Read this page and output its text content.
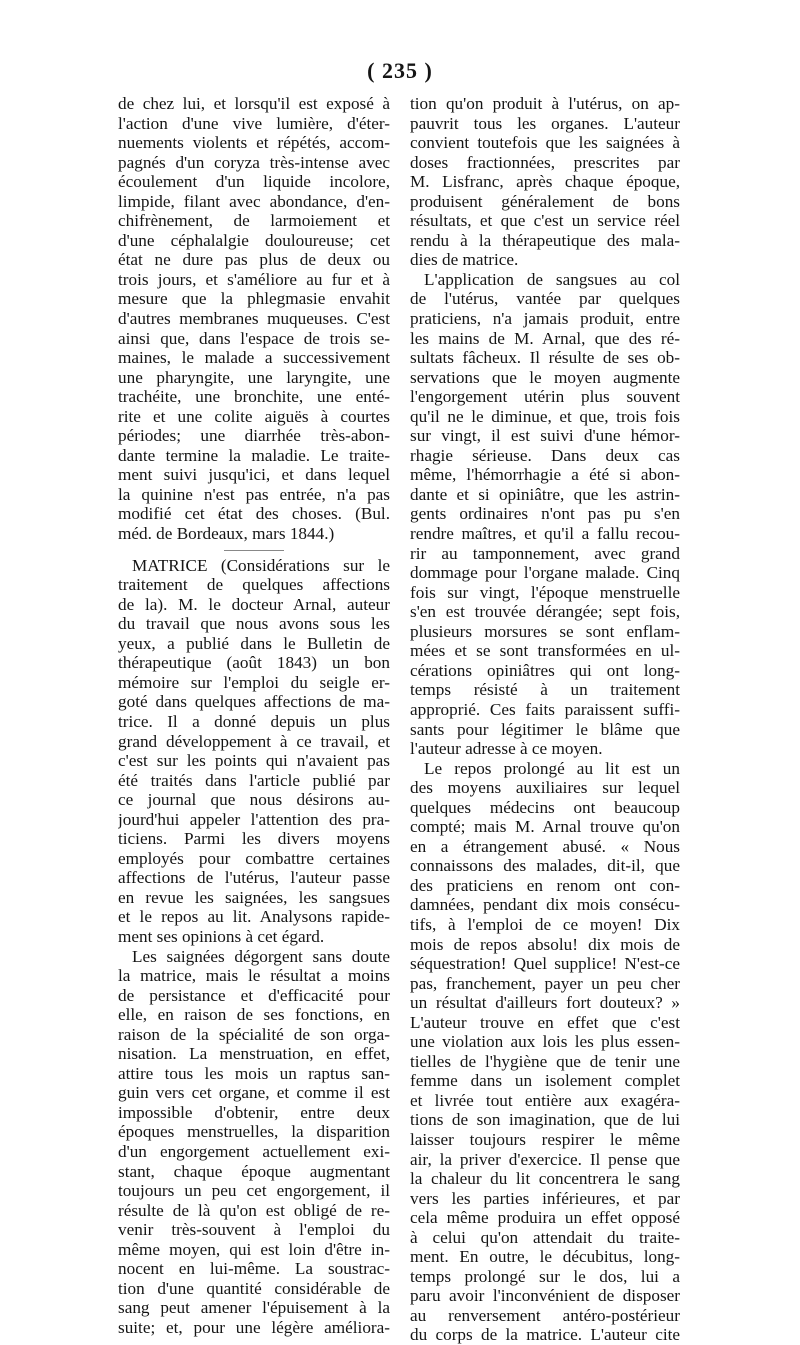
( 235 )
de chez lui, et lorsqu'il est exposé à
l'action d'une vive lumière, d'éter-
nuements violents et répétés, accom-
pagnés d'un coryza très-intense avec
écoulement d'un liquide incolore,
limpide, filant avec abondance, d'en-
chifrènement, de larmoiement et
d'une céphalalgie douloureuse; cet
état ne dure pas plus de deux ou
trois jours, et s'améliore au fur et à
mesure que la phlegmasie envahit
d'autres membranes muqueuses. C'est
ainsi que, dans l'espace de trois se-
maines, le malade a successivement
une pharyngite, une laryngite, une
trachéite, une bronchite, une enté-
rite et une colite aiguës à courtes
périodes; une diarrhée très-abon-
dante termine la maladie. Le traite-
ment suivi jusqu'ici, et dans lequel
la quinine n'est pas entrée, n'a pas
modifié cet état des choses. (Bul.
méd. de Bordeaux, mars 1844.)
MATRICE (Considérations sur le
traitement de quelques affections
de la). M. le docteur Arnal, auteur
du travail que nous avons sous les
yeux, a publié dans le Bulletin de
thérapeutique (août 1843) un bon
mémoire sur l'emploi du seigle er-
goté dans quelques affections de ma-
trice. Il a donné depuis un plus
grand développement à ce travail, et
c'est sur les points qui n'avaient pas
été traités dans l'article publié par
ce journal que nous désirons au-
jourd'hui appeler l'attention des pra-
ticiens. Parmi les divers moyens
employés pour combattre certaines
affections de l'utérus, l'auteur passe
en revue les saignées, les sangsues
et le repos au lit. Analysons rapide-
ment ses opinions à cet égard.
Les saignées dégorgent sans doute
la matrice, mais le résultat a moins
de persistance et d'efficacité pour
elle, en raison de ses fonctions, en
raison de la spécialité de son orga-
nisation. La menstruation, en effet,
attire tous les mois un raptus san-
guin vers cet organe, et comme il est
impossible d'obtenir, entre deux
époques menstruelles, la disparition
d'un engorgement actuellement exi-
stant, chaque époque augmentant
toujours un peu cet engorgement, il
résulte de là qu'on est obligé de re-
venir très-souvent à l'emploi du
même moyen, qui est loin d'être in-
nocent en lui-même. La soustrac-
tion d'une quantité considérable de
sang peut amener l'épuisement à la
suite; et, pour une légère améliora-
tion qu'on produit à l'utérus, on ap-
pauvrit tous les organes. L'auteur
convient toutefois que les saignées à
doses fractionnées, prescrites par
M. Lisfranc, après chaque époque,
produisent généralement de bons
résultats, et que c'est un service réel
rendu à la thérapeutique des mala-
dies de matrice.
L'application de sangsues au col
de l'utérus, vantée par quelques
praticiens, n'a jamais produit, entre
les mains de M. Arnal, que des ré-
sultats fâcheux. Il résulte de ses ob-
servations que le moyen augmente
l'engorgement utérin plus souvent
qu'il ne le diminue, et que, trois fois
sur vingt, il est suivi d'une hémor-
rhagie sérieuse. Dans deux cas
même, l'hémorrhagie a été si abon-
dante et si opiniâtre, que les astrin-
gents ordinaires n'ont pas pu s'en
rendre maîtres, et qu'il a fallu recou-
rir au tamponnement, avec grand
dommage pour l'organe malade. Cinq
fois sur vingt, l'époque menstruelle
s'en est trouvée dérangée; sept fois,
plusieurs morsures se sont enflam-
mées et se sont transformées en ul-
cérations opiniâtres qui ont long-
temps résisté à un traitement
approprié. Ces faits paraissent suffi-
sants pour légitimer le blâme que
l'auteur adresse à ce moyen.
Le repos prolongé au lit est un
des moyens auxiliaires sur lequel
quelques médecins ont beaucoup
compté; mais M. Arnal trouve qu'on
en a étrangement abusé. « Nous
connaissons des malades, dit-il, que
des praticiens en renom ont con-
damnées, pendant dix mois consécu-
tifs, à l'emploi de ce moyen! Dix
mois de repos absolu! dix mois de
séquestration! Quel supplice! N'est-ce
pas, franchement, payer un peu cher
un résultat d'ailleurs fort douteux? »
L'auteur trouve en effet que c'est
une violation aux lois les plus essen-
tielles de l'hygiène que de tenir une
femme dans un isolement complet
et livrée tout entière aux exagéra-
tions de son imagination, que de lui
laisser toujours respirer le même
air, la priver d'exercice. Il pense que
la chaleur du lit concentrera le sang
vers les parties inférieures, et par
cela même produira un effet opposé
à celui qu'on attendait du traite-
ment. En outre, le décubitus, long-
temps prolongé sur le dos, lui a
paru avoir l'inconvénient de disposer
au renversement antéro-postérieur
du corps de la matrice. L'auteur cite
